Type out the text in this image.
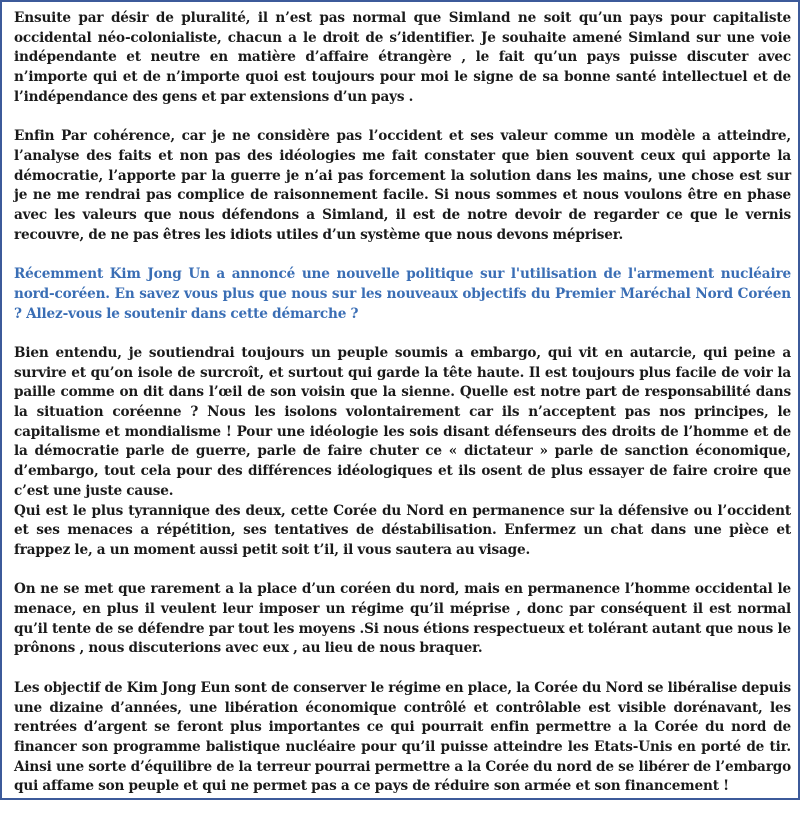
Ensuite par désir de pluralité, il n’est pas normal que Simland ne soit qu’un pays pour capitaliste occidental néo-colonialiste, chacun a le droit de s’identifier. Je souhaite amené Simland sur une voie indépendante et neutre en matière d’affaire étrangère , le fait qu’un pays puisse discuter avec n’importe qui et de n’importe quoi est toujours pour moi le signe de sa bonne santé intellectuel et de l’indépendance des gens et par extensions d’un pays .

Enfin Par cohérence, car je ne considère pas l’occident et ses valeur comme un modèle a atteindre, l’analyse des faits et non pas des idéologies me fait constater que bien souvent ceux qui apporte la démocratie, l’apporte par la guerre je n’ai pas forcement la solution dans les mains, une chose est sur je ne me rendrai pas complice de raisonnement facile. Si nous sommes et nous voulons être en phase avec les valeurs que nous défendons a Simland, il est de notre devoir de regarder ce que le vernis recouvre, de ne pas êtres les idiots utiles d’un système que nous devons mépriser.

Récemment Kim Jong Un a annoncé une nouvelle politique sur l'utilisation de l'armement nucléaire nord-coréen. En savez vous plus que nous sur les nouveaux objectifs du Premier Maréchal Nord Coréen ? Allez-vous le soutenir dans cette démarche ?

Bien entendu, je soutiendrai toujours un peuple soumis a embargo, qui vit en autarcie, qui peine a survire et qu’on isole de surcroît, et surtout qui garde la tête haute. Il est toujours plus facile de voir la paille comme on dit dans l’œil de son voisin que la sienne. Quelle est notre part de responsabilité dans la situation coréenne ? Nous les isolons volontairement car ils n’acceptent pas nos principes, le capitalisme et mondialisme ! Pour une idéologie les sois disant défenseurs des droits de l’homme et de la démocratie parle de guerre, parle de faire chuter ce « dictateur » parle de sanction économique, d’embargo, tout cela pour des différences idéologiques et ils osent de plus essayer de faire croire que c’est une juste cause.

Qui est le plus tyrannique des deux, cette Corée du Nord en permanence sur la défensive ou l’occident et ses menaces a répétition, ses tentatives de déstabilisation. Enfermez un chat dans une pièce et frappez le, a un moment aussi petit soit t’il, il vous sautera au visage.

On ne se met que rarement a la place d’un coréen du nord, mais en permanence l’homme occidental le menace, en plus il veulent leur imposer un régime qu’il méprise , donc par conséquent il est normal qu’il tente de se défendre par tout les moyens .Si nous étions respectueux et tolérant autant que nous le prônons , nous discuterions avec eux , au lieu de nous braquer.

Les objectif de Kim Jong Eun sont de conserver le régime en place, la Corée du Nord se libéralise depuis une dizaine d’années, une libération économique contrôlé et contrôlable est visible dorénavant, les rentrées d’argent se feront plus importantes ce qui pourrait enfin permettre a la Corée du nord de financer son programme balistique nucléaire pour qu’il puisse atteindre les Etats-Unis en porté de tir. Ainsi une sorte d’équilibre de la terreur pourrai permettre a la Corée du nord de se libérer de l’embargo qui affame son peuple et qui ne permet pas a ce pays de réduire son armée et son financement !
